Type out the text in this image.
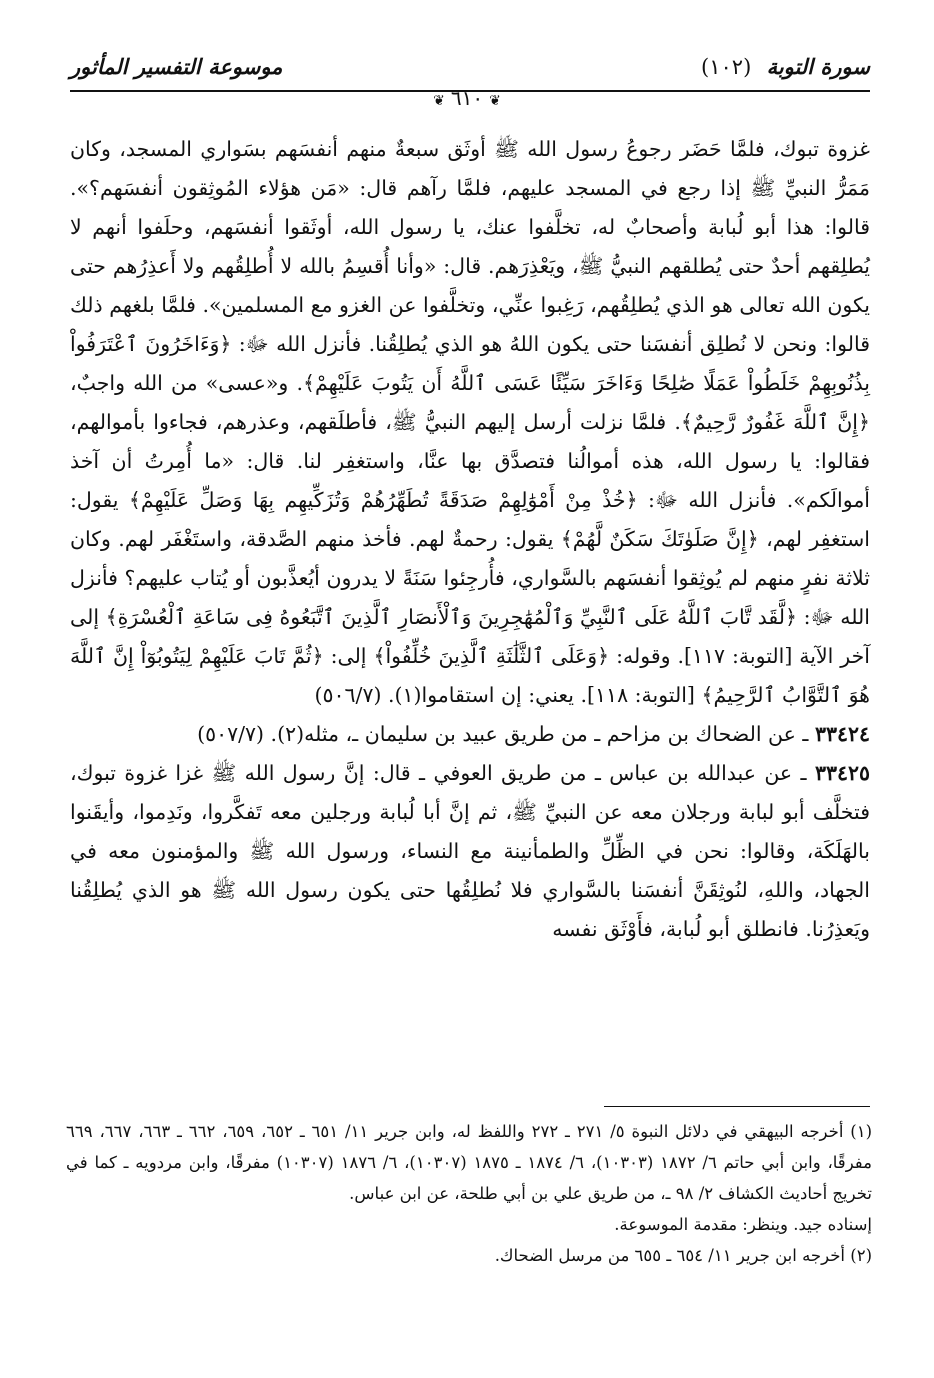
سورة التوبة (١٠٢)
موسوعة التفسير المأثور
❦ ٦١٠ ❦

غزوة تبوك، فلمَّا حَضَر رجوعُ رسول الله ﷺ أوثَق سبعةٌ منهم أنفسَهم بسَواري المسجد، وكان مَمَرُّ النبيِّ ﷺ إذا رجع في المسجد عليهم، فلمَّا رآهم قال: «مَن هؤلاء المُوثِقون أنفسَهم؟». قالوا: هذا أبو لُبابة وأصحابٌ له، تخلَّفوا عنك، يا رسول الله، أوثَقوا أنفسَهم، وحلَفوا أنهم لا يُطلِقهم أحدٌ حتى يُطلقهم النبيُّ ﷺ، ويَعْذِرَهم. قال: «وأنا أُقسِمُ بالله لا أُطلِقُهم ولا أَعذِرُهم حتى يكون الله تعالى هو الذي يُطلِقُهم، رَغِبوا عنِّي، وتخلَّفوا عن الغزو مع المسلمين». فلمَّا بلغهم ذلك قالوا: ونحن لا نُطلِق أنفسَنا حتى يكون اللهُ هو الذي يُطلِقُنا. فأنزل الله ﷻ: ﴿وَءَاخَرُونَ ٱعْتَرَفُواْ بِذُنُوبِهِمْ خَلَطُواْ عَمَلًا صَٰلِحًا وَءَاخَرَ سَيِّئًا عَسَى ٱللَّهُ أَن يَتُوبَ عَلَيْهِمْ﴾. و«عسى» من الله واجبٌ، ﴿إِنَّ ٱللَّهَ غَفُورٌ رَّحِيمٌ﴾. فلمَّا نزلت أرسل إليهم النبيُّ ﷺ، فأطلَقهم، وعذرهم، فجاءوا بأموالهم، فقالوا: يا رسول الله، هذه أموالُنا فتصدَّق بها عنَّا، واستغفِر لنا. قال: «ما أُمِرتُ أن آخذ أموالَكم». فأنزل الله ﷻ: ﴿خُذْ مِنْ أَمْوَٰلِهِمْ صَدَقَةً تُطَهِّرُهُمْ وَتُزَكِّيهِم بِهَا وَصَلِّ عَلَيْهِمْ﴾ يقول: استغفِر لهم، ﴿إِنَّ صَلَوٰتَكَ سَكَنٌ لَّهُمْ﴾ يقول: رحمةٌ لهم. فأخذ منهم الصَّدقة، واستَغْفَر لهم. وكان ثلاثة نفرٍ منهم لم يُوثِقوا أنفسَهم بالسَّواري، فأُرجِئوا سَنَةً لا يدرون أيُعذَّبون أو يُتاب عليهم؟ فأنزل الله ﷻ: ﴿لَّقَد تَّابَ ٱللَّهُ عَلَى ٱلنَّبِيِّ وَٱلْمُهَٰجِرِينَ وَٱلْأَنصَارِ ٱلَّذِينَ ٱتَّبَعُوهُ فِى سَاعَةِ ٱلْعُسْرَةِ﴾ إلى آخر الآية [التوبة: ١١٧]. وقوله: ﴿وَعَلَى ٱلثَّلَٰثَةِ ٱلَّذِينَ خُلِّفُواْ﴾ إلى: ﴿ثُمَّ تَابَ عَلَيْهِمْ لِيَتُوبُوٓاْ إِنَّ ٱللَّهَ هُوَ ٱلتَّوَّابُ ٱلرَّحِيمُ﴾ [التوبة: ١١٨]. يعني: إن استقاموا(١). (٥٠٦/٧)

٣٣٤٢٤ ـ عن الضحاك بن مزاحم ـ من طريق عبيد بن سليمان ـ، مثله(٢). (٥٠٧/٧)

٣٣٤٢٥ ـ عن عبدالله بن عباس ـ من طريق العوفي ـ قال: إنَّ رسول الله ﷺ غزا غزوة تبوك، فتخلَّف أبو لبابة ورجلان معه عن النبيِّ ﷺ، ثم إنَّ أبا لُبابة ورجلين معه تَفكَّروا، ونَدِموا، وأيقَنوا بالهَلَكَة، وقالوا: نحن في الظِّلِّ والطمأنينة مع النساء، ورسول الله ﷺ والمؤمنون معه في الجهاد، واللهِ، لنُوثِقَنَّ أنفسَنا بالسَّواري فلا نُطلِقُها حتى يكون رسول الله ﷺ هو الذي يُطلِقُنا ويَعذِرُنا. فانطلق أبو لُبابة، فأَوْثَق نفسه

(١) أخرجه البيهقي في دلائل النبوة ٥/ ٢٧١ ـ ٢٧٢ واللفظ له، وابن جرير ١١/ ٦٥١ ـ ٦٥٢، ٦٥٩، ٦٦٢ ـ ٦٦٣، ٦٦٧، ٦٦٩ مفرقًا، وابن أبي حاتم ٦/ ١٨٧٢ (١٠٣٠٣)، ٦/ ١٨٧٤ ـ ١٨٧٥ (١٠٣٠٧)، ٦/ ١٨٧٦ (١٠٣٠٧) مفرقًا، وابن مردويه ـ كما في تخريج أحاديث الكشاف ٢/ ٩٨ ـ، من طريق علي بن أبي طلحة، عن ابن عباس.

إسناده جيد. وينظر: مقدمة الموسوعة.

(٢) أخرجه ابن جرير ١١/ ٦٥٤ ـ ٦٥٥ من مرسل الضحاك.
